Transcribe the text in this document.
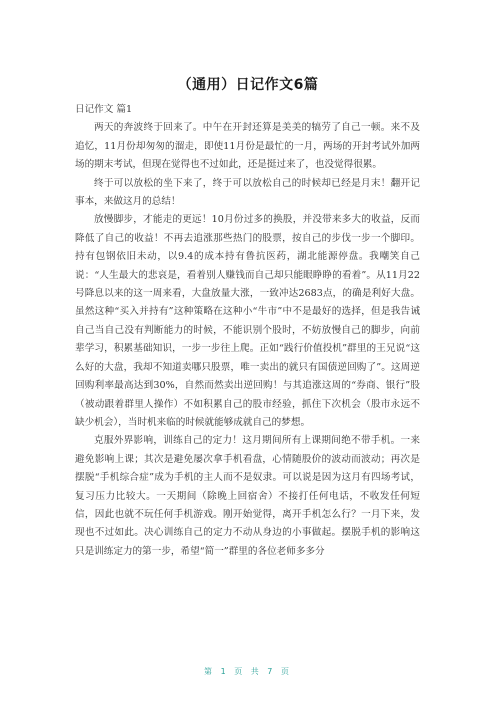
（通用）日记作文6篇

日记作文 篇1

两天的奔波终于回来了。中午在开封还算是美美的犒劳了自己一顿。来不及追忆，11月份却匆匆的溜走，即使11月份是最忙的一月，两场的开封考试外加两场的期末考试，但现在觉得也不过如此，还是挺过来了，也没觉得很累。

终于可以放松的坐下来了，终于可以放松自己的时候却已经是月末！翻开记事本，来做这月的总结！

放慢脚步，才能走的更远！10月份过多的换股，并没带来多大的收益，反而降低了自己的收益！不再去追涨那些热门的股票，按自己的步伐一步一个脚印。持有包钢依旧未动，以9.4的成本持有鲁抗医药，湖北能源停盘。我嘲笑自己说：“人生最大的悲哀是，看着别人赚钱而自己却只能眼睁睁的看着”。从11月22号降息以来的这一周来看，大盘放量大涨，一致冲达2683点，的确是利好大盘。虽然这种“买入并持有”这种策略在这种小“牛市”中不是最好的选择，但是我告诫自己当自己没有判断能力的时候，不能识别个股时，不妨放慢自己的脚步，向前辈学习，积累基础知识，一步一步往上爬。正如“践行价值投机”群里的王兄说“这么好的大盘，我却不知道卖哪只股票，唯一卖出的就只有国债逆回购了”。这周逆回购利率最高达到30%，自然而然卖出逆回购！与其追涨这周的“券商、银行”股（被动跟着群里人操作）不如积累自己的股市经验，抓住下次机会（股市永远不缺少机会），当时机来临的时候就能够成就自己的梦想。

克服外界影响，训练自己的定力！这月期间所有上课期间绝不带手机。一来避免影响上课；其次是避免屡次拿手机看盘，心情随股价的波动而波动；再次是摆脱“手机综合症”成为手机的主人而不是奴隶。可以说是因为这月有四场考试，复习压力比较大。一天期间（除晚上回宿舍）不接打任何电话，不收发任何短信，因此也就不玩任何手机游戏。刚开始觉得，离开手机怎么行？一月下来，发现也不过如此。决心训练自己的定力不动从身边的小事做起。摆脱手机的影响这只是训练定力的第一步，希望“简一”群里的各位老师多多分

第 1 页 共 7 页
